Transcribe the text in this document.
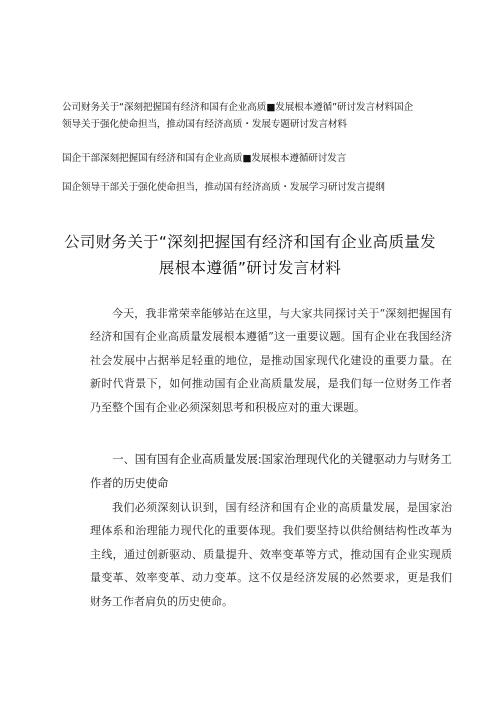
公司财务关于“深刻把握国有经济和国有企业高质■发展根本遵循”研讨发言材料国企
领导关于强化使命担当，推动国有经济高质・发展专题研讨发言材料
国企干部深刻把握国有经济和国有企业高质■发展根本遵循研讨发言
国企领导干部关于强化使命担当，推动国有经济高质・发展学习研讨发言提纲
公司财务关于“深刻把握国有经济和国有企业高质量发
展根本遵循”研讨发言材料

今天，我非常荣幸能够站在这里，与大家共同探讨关于“深刻把握国有经济和国有企业高质量发展根本遵循”这一重要议题。国有企业在我国经济社会发展中占据举足轻重的地位，是推动国家现代化建设的重要力量。在新时代背景下，如何推动国有企业高质量发展，是我们每一位财务工作者乃至整个国有企业必须深刻思考和积极应对的重大课题。

一、国有国有企业高质量发展:国家治理现代化的关键驱动力与财务工作者的历史使命

我们必须深刻认识到，国有经济和国有企业的高质量发展，是国家治理体系和治理能力现代化的重要体现。我们要坚持以供给侧结构性改革为主线，通过创新驱动、质量提升、效率变革等方式，推动国有企业实现质量变革、效率变革、动力变革。这不仅是经济发展的必然要求，更是我们财务工作者肩负的历史使命。
